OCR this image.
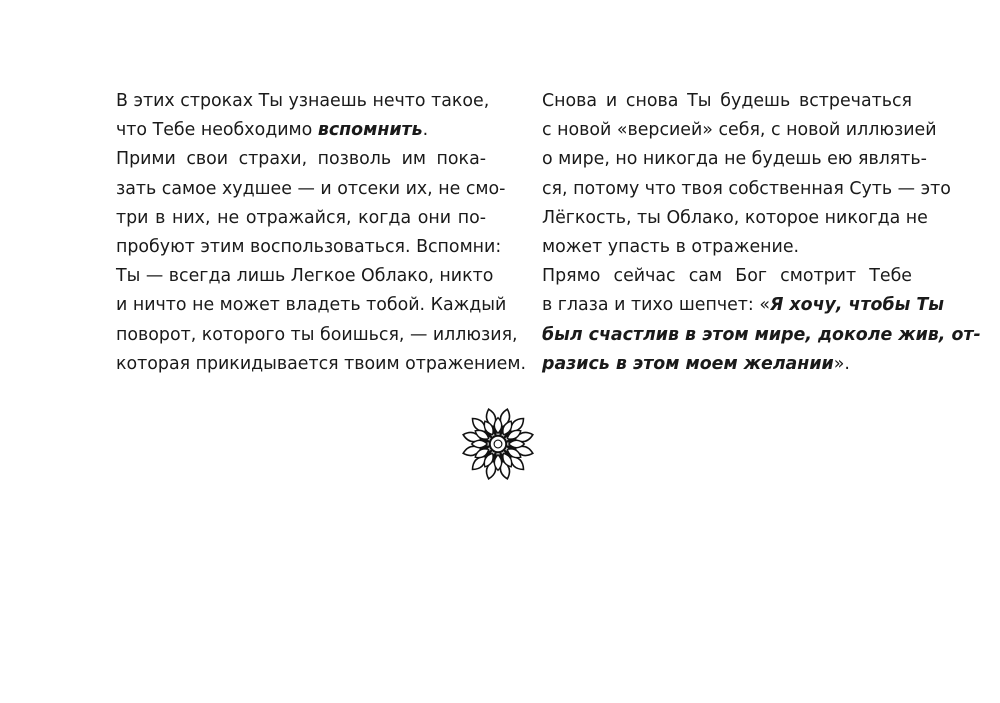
В этих строках Ты узнаешь нечто такое,
что Тебе необходимо вспомнить.

Прими свои страхи, позволь им пока-
зать самое худшее — и отсеки их, не смо-
три в них, не отражайся, когда они по-
пробуют этим воспользоваться. Вспомни:
Ты — всегда лишь Легкое Облако, никто
и ничто не может владеть тобой. Каждый
поворот, которого ты боишься, — иллюзия,
которая прикидывается твоим отражением.

Снова и снова Ты будешь встречаться
с новой «версией» себя, с новой иллюзией
о мире, но никогда не будешь ею являть-
ся, потому что твоя собственная Суть — это
Лёгкость, ты Облако, которое никогда не
может упасть в отражение.

Прямо сейчас сам Бог смотрит Тебе
в глаза и тихо шепчет: «Я хочу, чтобы Ты
был счастлив в этом мире, доколе жив, от-
разись в этом моем желании».
